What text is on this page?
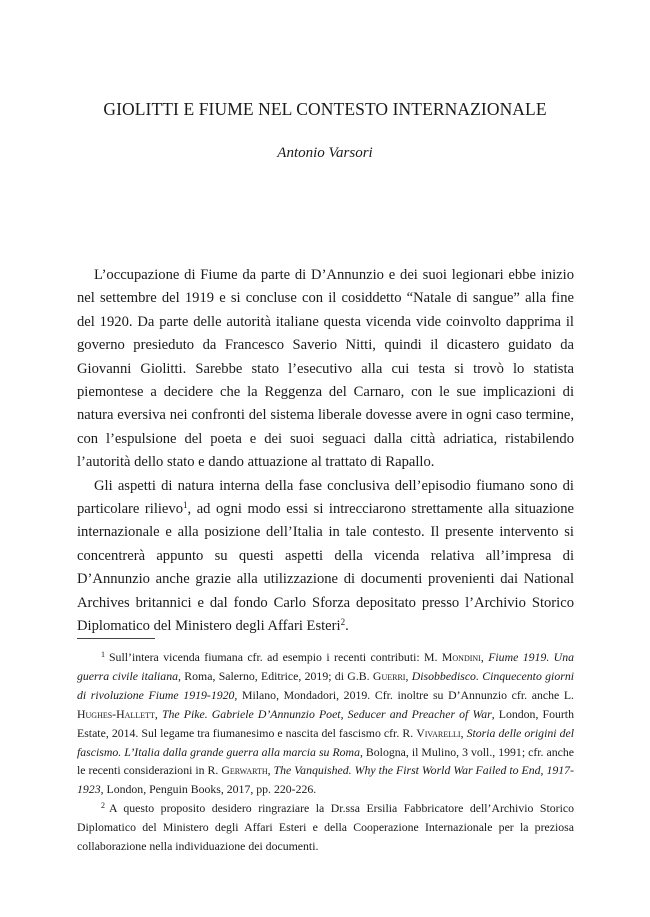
GIOLITTI E FIUME NEL CONTESTO INTERNAZIONALE
Antonio Varsori

L’occupazione di Fiume da parte di D’Annunzio e dei suoi legionari ebbe inizio nel settembre del 1919 e si concluse con il cosiddetto “Natale di sangue” alla fine del 1920. Da parte delle autorità italiane questa vicenda vide coinvolto dapprima il governo presieduto da Francesco Saverio Nitti, quindi il dicastero guidato da Giovanni Giolitti. Sarebbe stato l’esecutivo alla cui testa si trovò lo statista piemontese a decidere che la Reggenza del Carnaro, con le sue implicazioni di natura eversiva nei confronti del sistema liberale dovesse avere in ogni caso termine, con l’espulsione del poeta e dei suoi seguaci dalla città adriatica, ristabilendo l’autorità dello stato e dando attuazione al trattato di Rapallo.

Gli aspetti di natura interna della fase conclusiva dell’episodio fiumano sono di particolare rilievo$^1$, ad ogni modo essi si intrecciarono strettamente alla situazione internazionale e alla posizione dell’Italia in tale contesto. Il presente intervento si concentrerà appunto su questi aspetti della vicenda relativa all’impresa di D’Annunzio anche grazie alla utilizzazione di documenti provenienti dai National Archives britannici e dal fondo Carlo Sforza depositato presso l’Archivio Storico Diplomatico del Ministero degli Affari Esteri$^2$.

$^1$ Sull’intera vicenda fiumana cfr. ad esempio i recenti contributi: M. Mondini, Fiume 1919. Una guerra civile italiana, Roma, Salerno, Editrice, 2019; di G.B. Guerri, Disobbedisco. Cinquecento giorni di rivoluzione Fiume 1919-1920, Milano, Mondadori, 2019. Cfr. inoltre su D’Annunzio cfr. anche L. Hughes-Hallett, The Pike. Gabriele D’Annunzio Poet, Seducer and Preacher of War, London, Fourth Estate, 2014. Sul legame tra fiumanesimo e nascita del fascismo cfr. R. Vivarelli, Storia delle origini del fascismo. L’Italia dalla grande guerra alla marcia su Roma, Bologna, il Mulino, 3 voll., 1991; cfr. anche le recenti considerazioni in R. Gerwarth, The Vanquished. Why the First World War Failed to End, 1917-1923, London, Penguin Books, 2017, pp. 220-226.

$^2$ A questo proposito desidero ringraziare la Dr.ssa Ersilia Fabbricatore dell’Archivio Storico Diplomatico del Ministero degli Affari Esteri e della Cooperazione Internazionale per la preziosa collaborazione nella individuazione dei documenti.
